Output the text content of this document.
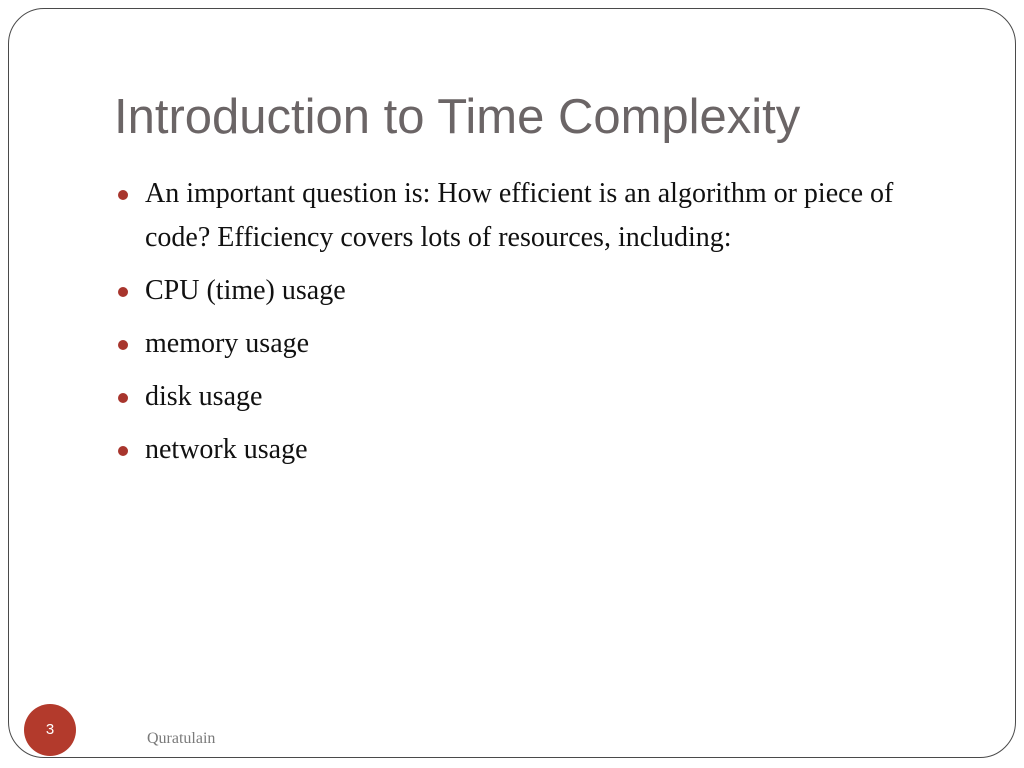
Introduction to Time Complexity
An important question is: How efficient is an algorithm or piece of code? Efficiency covers lots of resources, including:
CPU (time) usage
memory usage
disk usage
network usage
3
Quratulain
